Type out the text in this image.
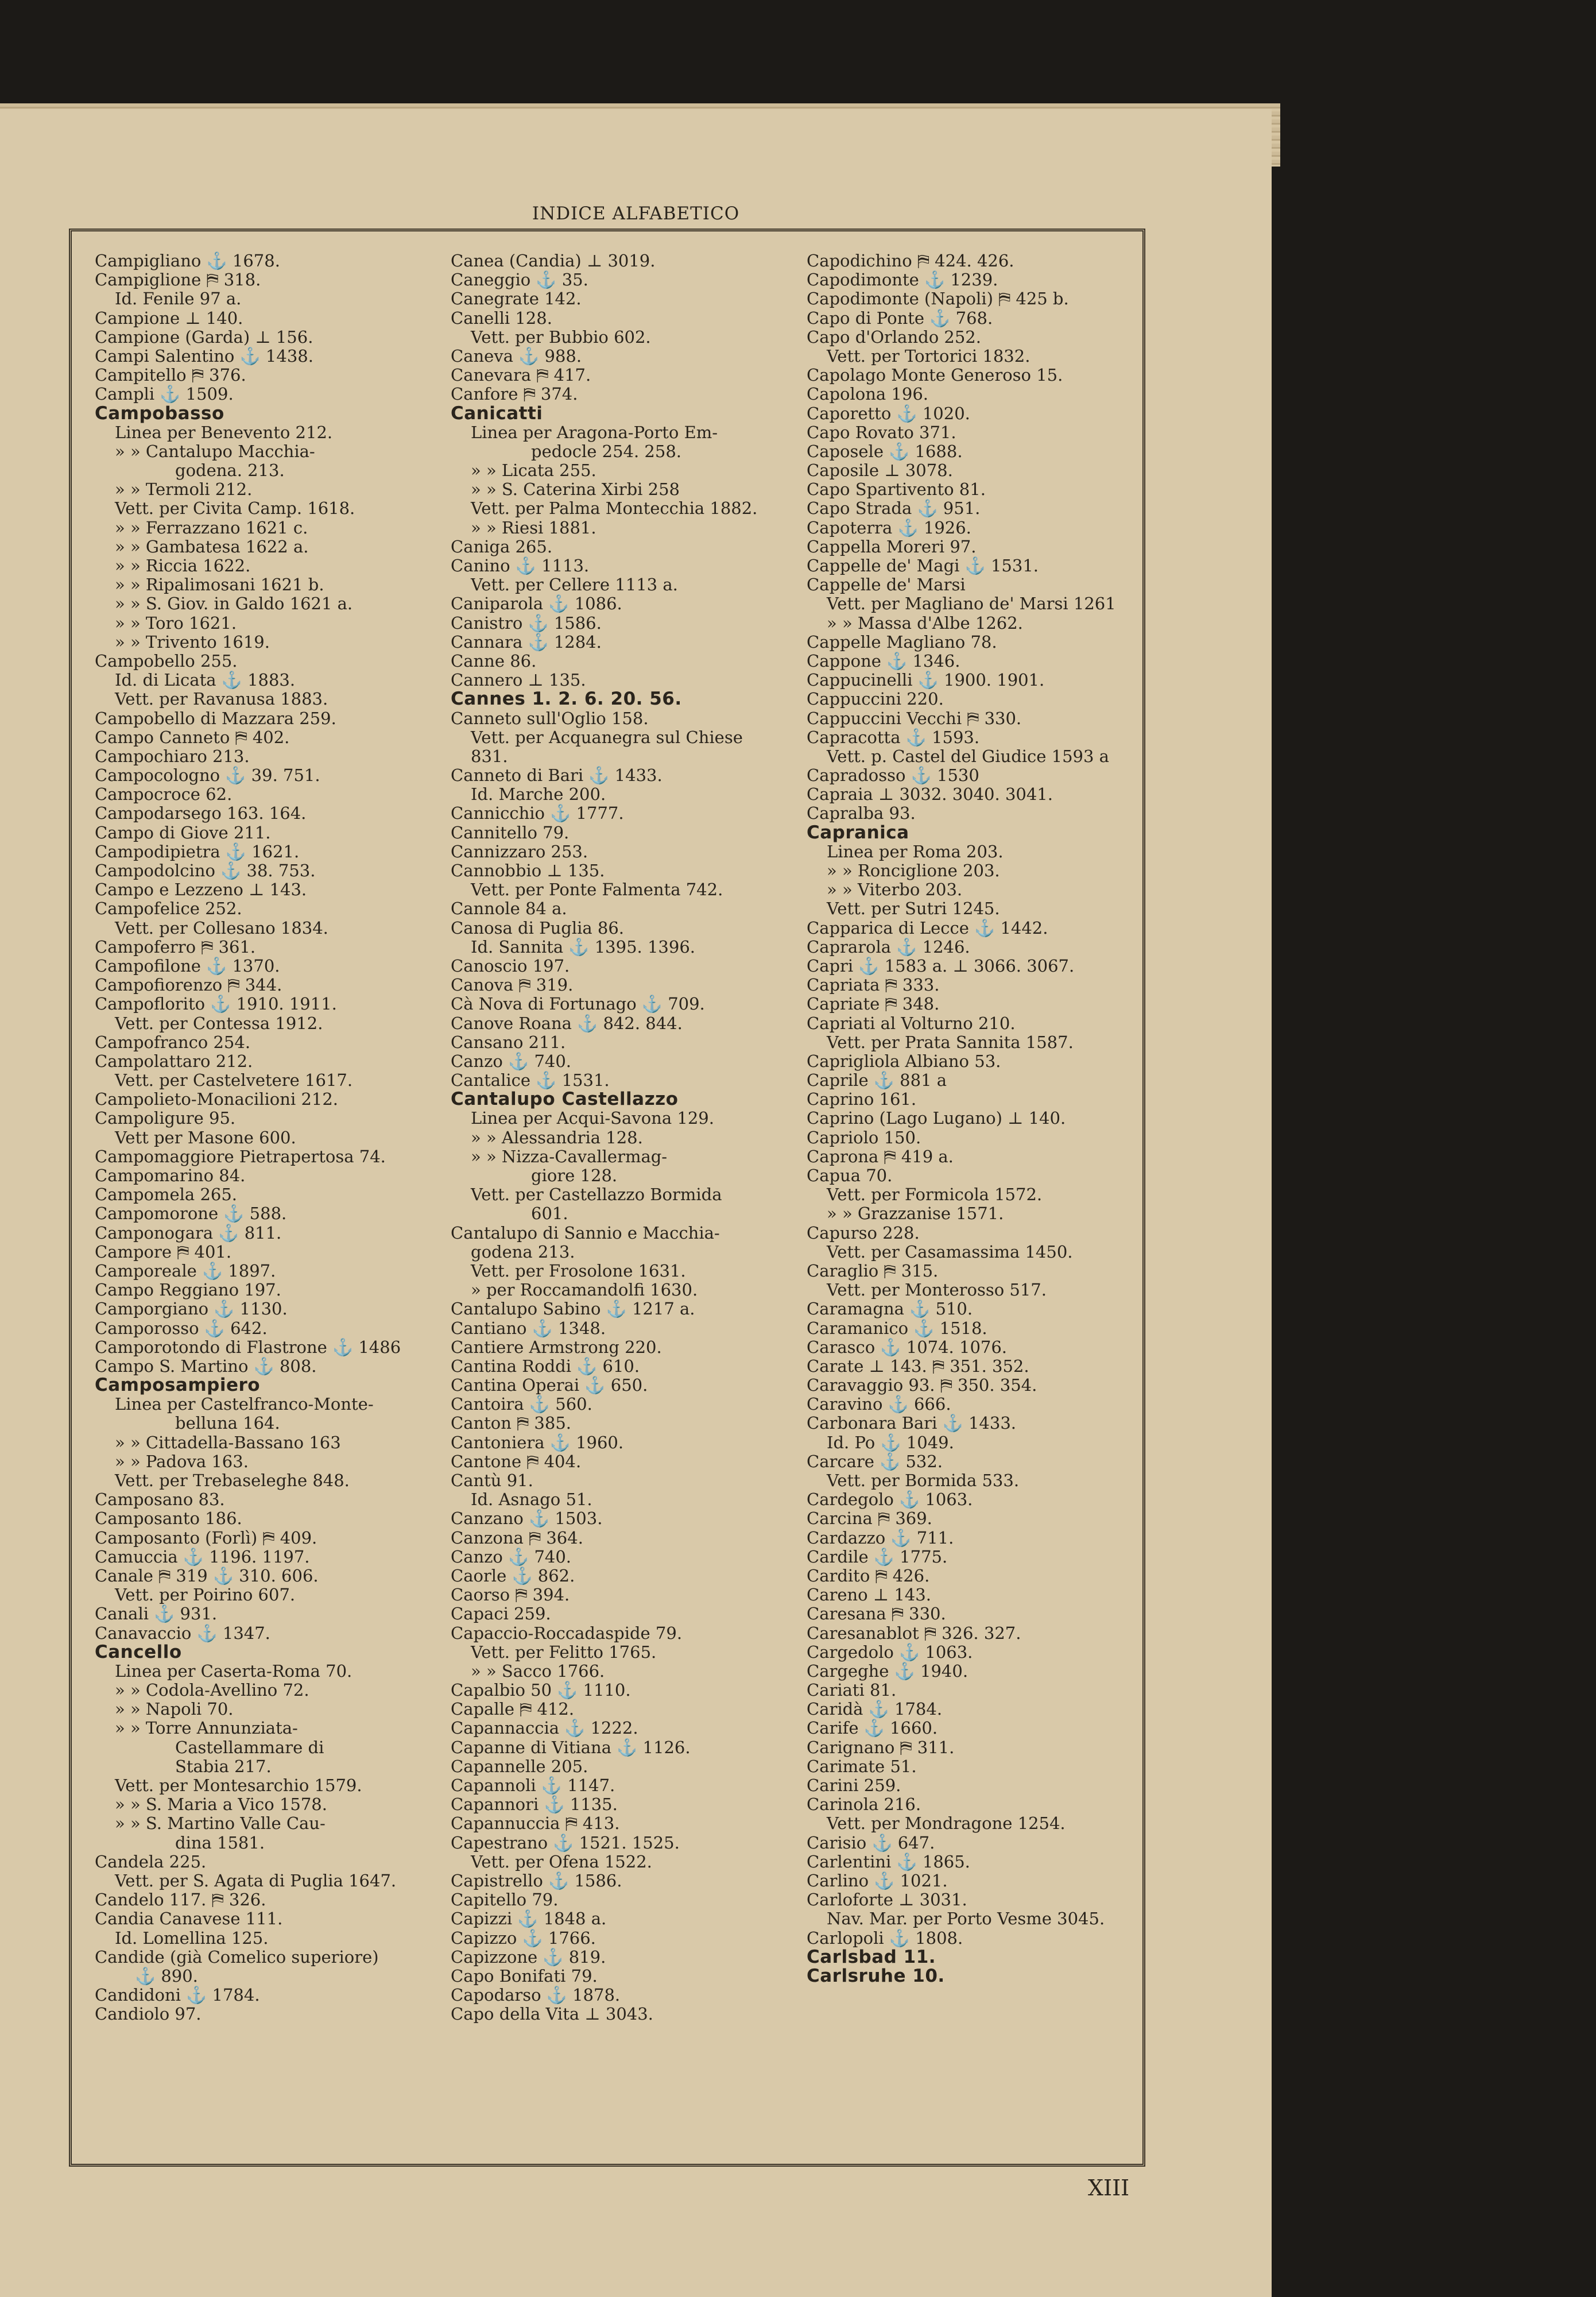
INDICE ALFABETICO
Campigliano ⚓ 1678.
Campiglione ⛿ 318.
Id. Fenile 97 a.
Campione ⊥ 140.
Campione (Garda) ⊥ 156.
Campi Salentino ⚓ 1438.
Campitello ⛿ 376.
Campli ⚓ 1509.
Campobasso
Linea per Benevento 212.
» » Cantalupo Macchia-
godena. 213.
» » Termoli 212.
Vett. per Civita Camp. 1618.
» » Ferrazzano 1621 c.
» » Gambatesa 1622 a.
» » Riccia 1622.
» » Ripalimosani 1621 b.
» » S. Giov. in Galdo 1621 a.
» » Toro 1621.
» » Trivento 1619.
Campobello 255.
Id. di Licata ⚓ 1883.
Vett. per Ravanusa 1883.
Campobello di Mazzara 259.
Campo Canneto ⛿ 402.
Campochiaro 213.
Campocologno ⚓ 39. 751.
Campocroce 62.
Campodarsego 163. 164.
Campo di Giove 211.
Campodipietra ⚓ 1621.
Campodolcino ⚓ 38. 753.
Campo e Lezzeno ⊥ 143.
Campofelice 252.
Vett. per Collesano 1834.
Campoferro ⛿ 361.
Campofilone ⚓ 1370.
Campofiorenzo ⛿ 344.
Campoflorito ⚓ 1910. 1911.
Vett. per Contessa 1912.
Campofranco 254.
Campolattaro 212.
Vett. per Castelvetere 1617.
Campolieto-Monacilioni 212.
Campoligure 95.
Vett per Masone 600.
Campomaggiore Pietrapertosa 74.
Campomarino 84.
Campomela 265.
Campomorone ⚓ 588.
Camponogara ⚓ 811.
Campore ⛿ 401.
Camporeale ⚓ 1897.
Campo Reggiano 197.
Camporgiano ⚓ 1130.
Camporosso ⚓ 642.
Camporotondo di Flastrone ⚓ 1486
Campo S. Martino ⚓ 808.
Camposampiero
Linea per Castelfranco-Monte-
belluna 164.
» » Cittadella-Bassano 163
» » Padova 163.
Vett. per Trebaseleghe 848.
Camposano 83.
Camposanto 186.
Camposanto (Forlì) ⛿ 409.
Camuccia ⚓ 1196. 1197.
Canale ⛿ 319 ⚓ 310. 606.
Vett. per Poirino 607.
Canali ⚓ 931.
Canavaccio ⚓ 1347.
Cancello
Linea per Caserta-Roma 70.
» » Codola-Avellino 72.
» » Napoli 70.
» » Torre Annunziata-
Castellammare di
Stabia 217.
Vett. per Montesarchio 1579.
» » S. Maria a Vico 1578.
» » S. Martino Valle Cau-
dina 1581.
Candela 225.
Vett. per S. Agata di Puglia 1647.
Candelo 117. ⛿ 326.
Candia Canavese 111.
Id. Lomellina 125.
Candide (già Comelico superiore)
⚓ 890.
Candidoni ⚓ 1784.
Candiolo 97.
Canea (Candia) ⊥ 3019.
Caneggio ⚓ 35.
Canegrate 142.
Canelli 128.
Vett. per Bubbio 602.
Caneva ⚓ 988.
Canevara ⛿ 417.
Canfore ⛿ 374.
Canicatti
Linea per Aragona-Porto Em-
pedocle 254. 258.
» » Licata 255.
» » S. Caterina Xirbi 258
Vett. per Palma Montecchia 1882.
» » Riesi 1881.
Caniga 265.
Canino ⚓ 1113.
Vett. per Cellere 1113 a.
Caniparola ⚓ 1086.
Canistro ⚓ 1586.
Cannara ⚓ 1284.
Canne 86.
Cannero ⊥ 135.
Cannes 1. 2. 6. 20. 56.
Canneto sull'Oglio 158.
Vett. per Acquanegra sul Chiese
831.
Canneto di Bari ⚓ 1433.
Id. Marche 200.
Cannicchio ⚓ 1777.
Cannitello 79.
Cannizzaro 253.
Cannobbio ⊥ 135.
Vett. per Ponte Falmenta 742.
Cannole 84 a.
Canosa di Puglia 86.
Id. Sannita ⚓ 1395. 1396.
Canoscio 197.
Canova ⛿ 319.
Cà Nova di Fortunago ⚓ 709.
Canove Roana ⚓ 842. 844.
Cansano 211.
Canzo ⚓ 740.
Cantalice ⚓ 1531.
Cantalupo Castellazzo
Linea per Acqui-Savona 129.
» » Alessandria 128.
» » Nizza-Cavallermag-
giore 128.
Vett. per Castellazzo Bormida
601.
Cantalupo di Sannio e Macchia-
godena 213.
Vett. per Frosolone 1631.
» per Roccamandolfi 1630.
Cantalupo Sabino ⚓ 1217 a.
Cantiano ⚓ 1348.
Cantiere Armstrong 220.
Cantina Roddi ⚓ 610.
Cantina Operai ⚓ 650.
Cantoira ⚓ 560.
Canton ⛿ 385.
Cantoniera ⚓ 1960.
Cantone ⛿ 404.
Cantù 91.
Id. Asnago 51.
Canzano ⚓ 1503.
Canzona ⛿ 364.
Canzo ⚓ 740.
Caorle ⚓ 862.
Caorso ⛿ 394.
Capaci 259.
Capaccio-Roccadaspide 79.
Vett. per Felitto 1765.
» » Sacco 1766.
Capalbio 50 ⚓ 1110.
Capalle ⛿ 412.
Capannaccia ⚓ 1222.
Capanne di Vitiana ⚓ 1126.
Capannelle 205.
Capannoli ⚓ 1147.
Capannori ⚓ 1135.
Capannuccia ⛿ 413.
Capestrano ⚓ 1521. 1525.
Vett. per Ofena 1522.
Capistrello ⚓ 1586.
Capitello 79.
Capizzi ⚓ 1848 a.
Capizzo ⚓ 1766.
Capizzone ⚓ 819.
Capo Bonifati 79.
Capodarso ⚓ 1878.
Capo della Vita ⊥ 3043.
Capodichino ⛿ 424. 426.
Capodimonte ⚓ 1239.
Capodimonte (Napoli) ⛿ 425 b.
Capo di Ponte ⚓ 768.
Capo d'Orlando 252.
Vett. per Tortorici 1832.
Capolago Monte Generoso 15.
Capolona 196.
Caporetto ⚓ 1020.
Capo Rovato 371.
Caposele ⚓ 1688.
Caposile ⊥ 3078.
Capo Spartivento 81.
Capo Strada ⚓ 951.
Capoterra ⚓ 1926.
Cappella Moreri 97.
Cappelle de' Magi ⚓ 1531.
Cappelle de' Marsi
Vett. per Magliano de' Marsi 1261
» » Massa d'Albe 1262.
Cappelle Magliano 78.
Cappone ⚓ 1346.
Cappucinelli ⚓ 1900. 1901.
Cappuccini 220.
Cappuccini Vecchi ⛿ 330.
Capracotta ⚓ 1593.
Vett. p. Castel del Giudice 1593 a
Capradosso ⚓ 1530
Capraia ⊥ 3032. 3040. 3041.
Capralba 93.
Capranica
Linea per Roma 203.
» » Ronciglione 203.
» » Viterbo 203.
Vett. per Sutri 1245.
Capparica di Lecce ⚓ 1442.
Caprarola ⚓ 1246.
Capri ⚓ 1583 a. ⊥ 3066. 3067.
Capriata ⛿ 333.
Capriate ⛿ 348.
Capriati al Volturno 210.
Vett. per Prata Sannita 1587.
Caprigliola Albiano 53.
Caprile ⚓ 881 a
Caprino 161.
Caprino (Lago Lugano) ⊥ 140.
Capriolo 150.
Caprona ⛿ 419 a.
Capua 70.
Vett. per Formicola 1572.
» » Grazzanise 1571.
Capurso 228.
Vett. per Casamassima 1450.
Caraglio ⛿ 315.
Vett. per Monterosso 517.
Caramagna ⚓ 510.
Caramanico ⚓ 1518.
Carasco ⚓ 1074. 1076.
Carate ⊥ 143. ⛿ 351. 352.
Caravaggio 93. ⛿ 350. 354.
Caravino ⚓ 666.
Carbonara Bari ⚓ 1433.
Id. Po ⚓ 1049.
Carcare ⚓ 532.
Vett. per Bormida 533.
Cardegolo ⚓ 1063.
Carcina ⛿ 369.
Cardazzo ⚓ 711.
Cardile ⚓ 1775.
Cardito ⛿ 426.
Careno ⊥ 143.
Caresana ⛿ 330.
Caresanablot ⛿ 326. 327.
Cargedolo ⚓ 1063.
Cargeghe ⚓ 1940.
Cariati 81.
Caridà ⚓ 1784.
Carife ⚓ 1660.
Carignano ⛿ 311.
Carimate 51.
Carini 259.
Carinola 216.
Vett. per Mondragone 1254.
Carisio ⚓ 647.
Carlentini ⚓ 1865.
Carlino ⚓ 1021.
Carloforte ⊥ 3031.
Nav. Mar. per Porto Vesme 3045.
Carlopoli ⚓ 1808.
Carlsbad 11.
Carlsruhe 10.
XIII
